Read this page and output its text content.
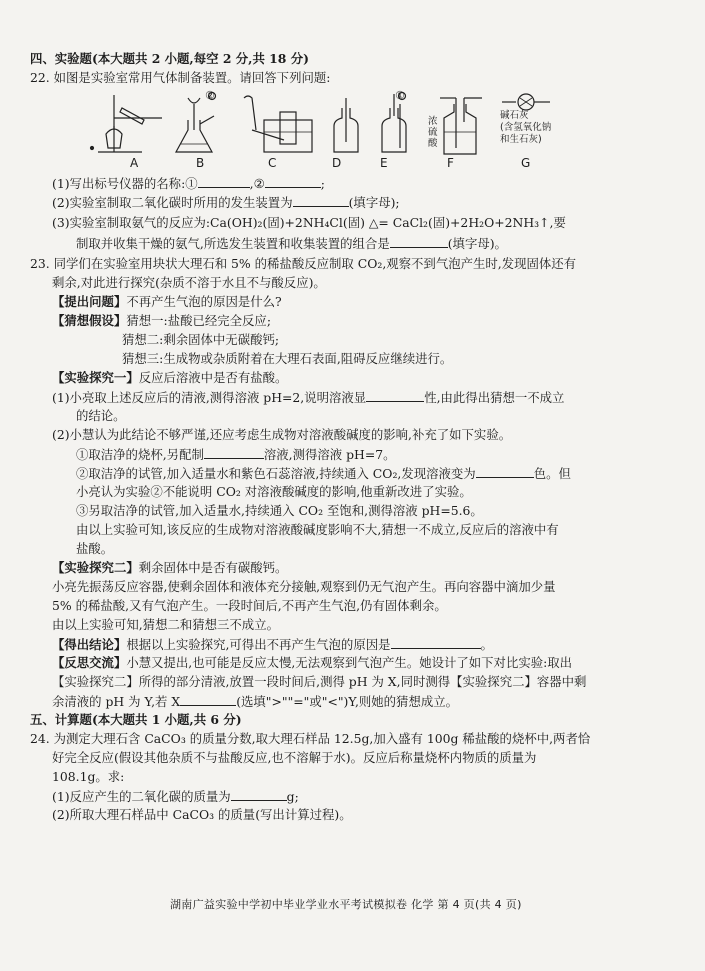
四、实验题(本大题共 2 小题,每空 2 分,共 18 分)
22. 如图是实验室常用气体制备装置。请回答下列问题:
②	①
浓硫酸
碱石灰
(含氢氧化钠
和生石灰)
A	B	C	D	E	F	G
(1)写出标号仪器的名称:①	,②	;
(2)实验室制取二氧化碳时所用的发生装置为	(填字母);
(3)实验室制取氨气的反应为:Ca(OH)₂(固)+2NH₄Cl(固) △= CaCl₂(固)+2H₂O+2NH₃↑,要
制取并收集干燥的氨气,所选发生装置和收集装置的组合是	(填字母)。
23. 同学们在实验室用块状大理石和 5% 的稀盐酸反应制取 CO₂,观察不到气泡产生时,发现固体还有
剩余,对此进行探究(杂质不溶于水且不与酸反应)。
【提出问题】不再产生气泡的原因是什么?
【猜想假设】猜想一:盐酸已经完全反应;
猜想二:剩余固体中无碳酸钙;
猜想三:生成物或杂质附着在大理石表面,阻碍反应继续进行。
【实验探究一】反应后溶液中是否有盐酸。
(1)小亮取上述反应后的清液,测得溶液 pH=2,说明溶液显	性,由此得出猜想一不成立
的结论。
(2)小慧认为此结论不够严谨,还应考虑生成物对溶液酸碱度的影响,补充了如下实验。
①取洁净的烧杯,另配制	溶液,测得溶液 pH=7。
②取洁净的试管,加入适量水和紫色石蕊溶液,持续通入 CO₂,发现溶液变为	色。但
小亮认为实验②不能说明 CO₂ 对溶液酸碱度的影响,他重新改进了实验。
③另取洁净的试管,加入适量水,持续通入 CO₂ 至饱和,测得溶液 pH=5.6。
由以上实验可知,该反应的生成物对溶液酸碱度影响不大,猜想一不成立,反应后的溶液中有
盐酸。
【实验探究二】剩余固体中是否有碳酸钙。
小亮先振荡反应容器,使剩余固体和液体充分接触,观察到仍无气泡产生。再向容器中滴加少量
5% 的稀盐酸,又有气泡产生。一段时间后,不再产生气泡,仍有固体剩余。
由以上实验可知,猜想二和猜想三不成立。
【得出结论】根据以上实验探究,可得出不再产生气泡的原因是	。
【反思交流】小慧又提出,也可能是反应太慢,无法观察到气泡产生。她设计了如下对比实验:取出
【实验探究二】所得的部分清液,放置一段时间后,测得 pH 为 X,同时测得【实验探究二】容器中剩
余清液的 pH 为 Y,若 X	(选填">""="或"<")Y,则她的猜想成立。
五、计算题(本大题共 1 小题,共 6 分)
24. 为测定大理石含 CaCO₃ 的质量分数,取大理石样品 12.5g,加入盛有 100g 稀盐酸的烧杯中,两者恰
好完全反应(假设其他杂质不与盐酸反应,也不溶解于水)。反应后称量烧杯内物质的质量为
108.1g。求:
(1)反应产生的二氧化碳的质量为	g;
(2)所取大理石样品中 CaCO₃ 的质量(写出计算过程)。
湖南广益实验中学初中毕业学业水平考试模拟卷 化学 第 4 页(共 4 页)
